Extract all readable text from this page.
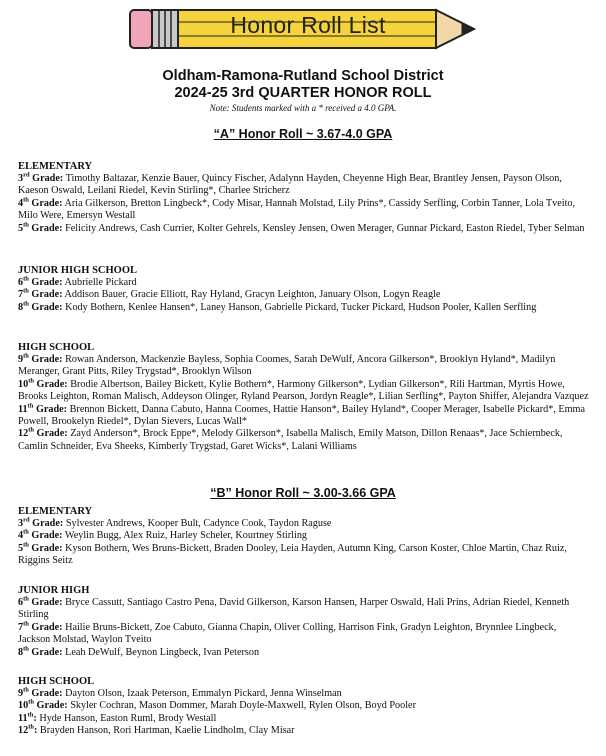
Honor Roll List
Oldham-Ramona-Rutland School District
2024-25 3rd QUARTER HONOR ROLL
Note: Students marked with a * received a 4.0 GPA.
“A” Honor Roll ~ 3.67-4.0 GPA
ELEMENTARY

3rd Grade: Timothy Baltazar, Kenzie Bauer, Quincy Fischer, Adalynn Hayden, Cheyenne High Bear, Brantley Jensen, Payson Olson, Kaeson Oswald, Leilani Riedel, Kevin Stirling*, Charlee Stricherz

4th Grade: Aria Gilkerson, Bretton Lingbeck*, Cody Misar, Hannah Molstad, Lily Prins*, Cassidy Serfling, Corbin Tanner, Lola Tveito, Milo Were, Emersyn Westall

5th Grade: Felicity Andrews, Cash Currier, Kolter Gehrels, Kensley Jensen, Owen Merager, Gunnar Pickard, Easton Riedel, Tyber Selman

JUNIOR HIGH SCHOOL

6th Grade: Aubrielle Pickard

7th Grade: Addison Bauer, Gracie Elliott, Ray Hyland, Gracyn Leighton, January Olson, Logyn Reagle

8th Grade: Kody Bothern, Kenlee Hansen*, Laney Hanson, Gabrielle Pickard, Tucker Pickard, Hudson Pooler, Kallen Serfling

HIGH SCHOOL

9th Grade: Rowan Anderson, Mackenzie Bayless, Sophia Coomes, Sarah DeWulf, Ancora Gilkerson*, Brooklyn Hyland*, Madilyn Meranger, Grant Pitts, Riley Trygstad*, Brooklyn Wilson

10th Grade: Brodie Albertson, Bailey Bickett, Kylie Bothern*, Harmony Gilkerson*, Lydian Gilkerson*, Rili Hartman, Myrtis Howe, Brooks Leighton, Roman Malisch, Addeyson Olinger, Ryland Pearson, Jordyn Reagle*, Lilian Serfling*, Payton Shiffer, Alejandra Vazquez

11th Grade: Brennon Bickett, Danna Cabuto, Hanna Coomes, Hattie Hanson*, Bailey Hyland*, Cooper Merager, Isabelle Pickard*, Emma Powell, Brookelyn Riedel*, Dylan Sievers, Lucas Wall*

12th Grade: Zayd Anderson*, Brock Eppe*, Melody Gilkerson*, Isabella Malisch, Emily Matson, Dillon Renaas*, Jace Schiernbeck, Camlin Schneider, Eva Sheeks, Kimberly Trygstad, Garet Wicks*, Lalani Williams

“B” Honor Roll ~ 3.00-3.66 GPA
ELEMENTARY

3rd Grade: Sylvester Andrews, Kooper Bult, Cadynce Cook, Taydon Raguse

4th Grade: Weylin Bugg, Alex Ruiz, Harley Scheler, Kourtney Stirling

5th Grade: Kyson Bothern, Wes Bruns-Bickett, Braden Dooley, Leia Hayden, Autumn King, Carson Koster, Chloe Martin, Chaz Ruiz, Riggins Seitz

JUNIOR HIGH

6th Grade: Bryce Cassutt, Santiago Castro Pena, David Gilkerson, Karson Hansen, Harper Oswald, Hali Prins, Adrian Riedel, Kenneth Stirling

7th Grade: Hailie Bruns-Bickett, Zoe Cabuto, Gianna Chapin, Oliver Colling, Harrison Fink, Gradyn Leighton, Brynnlee Lingbeck, Jackson Molstad, Waylon Tveito

8th Grade: Leah DeWulf, Beynon Lingbeck, Ivan Peterson

HIGH SCHOOL

9th Grade: Dayton Olson, Izaak Peterson, Emmalyn Pickard, Jenna Winselman

10th Grade: Skyler Cochran, Mason Dommer, Marah Doyle-Maxwell, Rylen Olson, Boyd Pooler

11th: Hyde Hanson, Easton Ruml, Brody Westall

12th: Brayden Hanson, Rori Hartman, Kaelie Lindholm, Clay Misar
